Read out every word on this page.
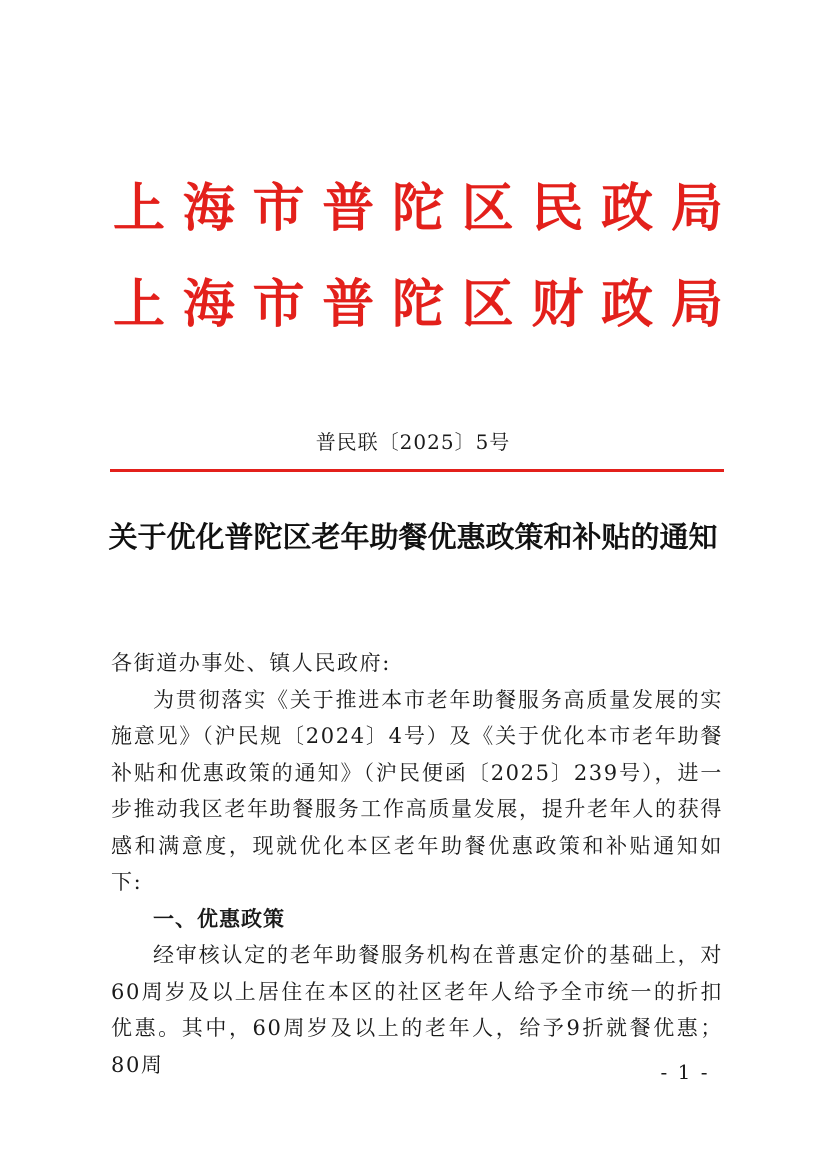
上 海 市 普 陀 区 民 政 局
上 海 市 普 陀 区 财 政 局
普民联〔2025〕5号
关于优化普陀区老年助餐优惠政策和补贴的通知

各街道办事处、镇人民政府:

为贯彻落实《关于推进本市老年助餐服务高质量发展的实施意见》（沪民规〔2024〕4号）及《关于优化本市老年助餐补贴和优惠政策的通知》（沪民便函〔2025〕239号），进一步推动我区老年助餐服务工作高质量发展，提升老年人的获得感和满意度，现就优化本区老年助餐优惠政策和补贴通知如下:

一、优惠政策

经审核认定的老年助餐服务机构在普惠定价的基础上，对60周岁及以上居住在本区的社区老年人给予全市统一的折扣优惠。其中，60周岁及以上的老年人，给予9折就餐优惠；80周	- 1 -
